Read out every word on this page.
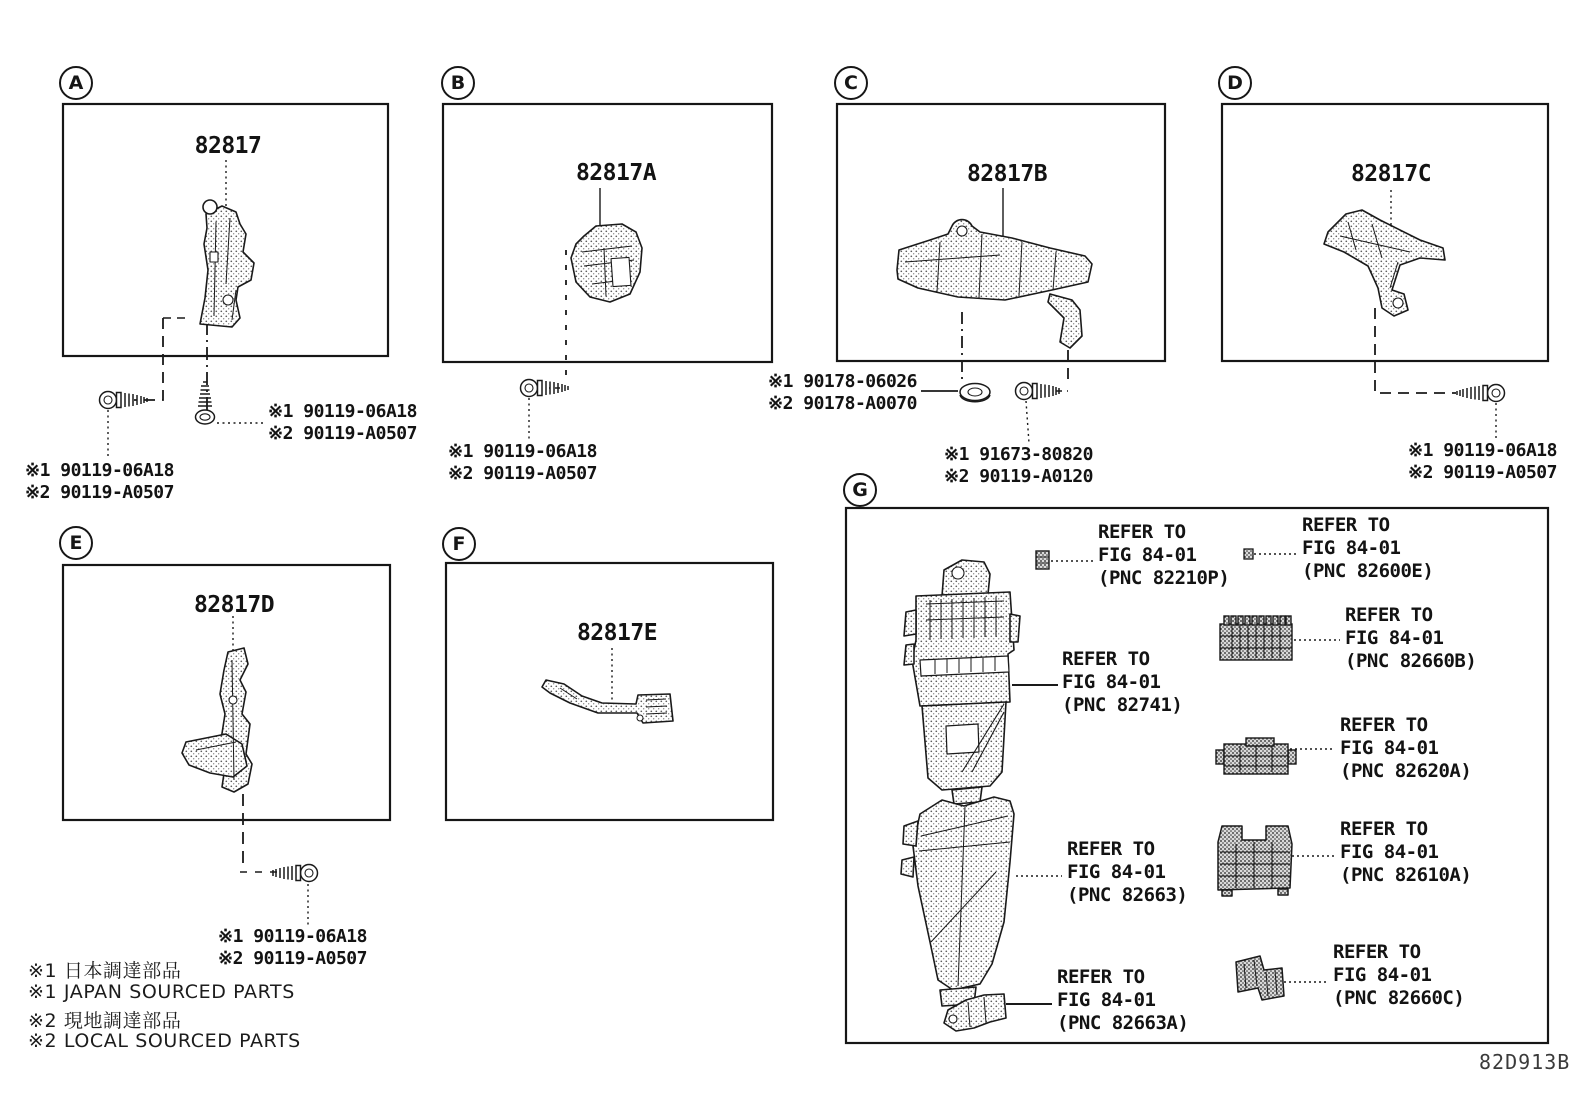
A	B	C	D
E	F
G
82817
82817A	82817B	82817C
82817D
82817E
※1 90119-06A18
※2 90119-A0507
※1 90119-06A18
※2 90119-A0507
※1 90119-06A18
※2 90119-A0507
※1 90178-06026
※2 90178-A0070
※1 91673-80820
※2 90119-A0120
※1 90119-06A18
※2 90119-A0507
※1 90119-06A18
※2 90119-A0507
REFER TO
FIG 84-01
(PNC 82210P)
REFER TO
FIG 84-01
(PNC 82600E)
REFER TO
FIG 84-01
(PNC 82660B)
REFER TO
FIG 84-01
(PNC 82741)
REFER TO
FIG 84-01
(PNC 82620A)
REFER TO
FIG 84-01
(PNC 82610A)
REFER TO
FIG 84-01
(PNC 82663)
REFER TO
FIG 84-01
(PNC 82663A)
REFER TO
FIG 84-01
(PNC 82660C)
※1 日本調達部品
※1 JAPAN SOURCED PARTS
※2 現地調達部品
※2 LOCAL SOURCED PARTS
82D913B
